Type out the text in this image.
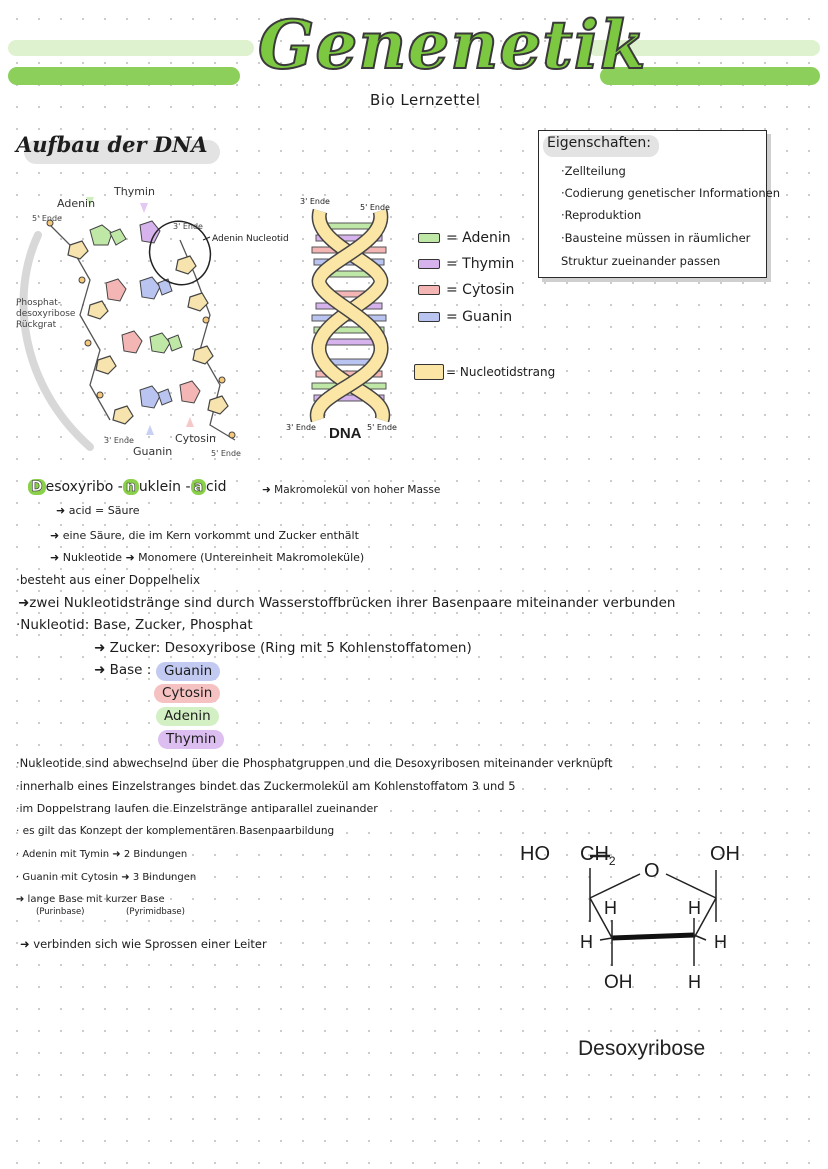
Genenetik
Bio Lernzettel
Aufbau der DNA
Adenin
Thymin
5' Ende
3' Ende
Adenin Nucleotid
Phosphat-
desoxyribose
Rückgrat
3' Ende
Guanin
Cytosin
5' Ende
3' Ende
5' Ende
3' Ende DNA 5' Ende
= Adenin
= Thymin
= Cytosin
= Guanin
= Nucleotidstrang
Eigenschaften:
·Zellteilung
·Codierung genetischer Informationen
·Reproduktion
·Bausteine müssen in räumlicher
Struktur zueinander passen
D esoxyribo - n uklein - a cid	➜ Makromolekül von hoher Masse
➜ acid = Säure
➜ eine Säure, die im Kern vorkommt und Zucker enthält
➜ Nukleotide ➜ Monomere (Untereinheit Makromoleküle)
·besteht aus einer Doppelhelix
➜zwei Nukleotidstränge sind durch Wasserstoffbrücken ihrer Basenpaare miteinander verbunden
·Nukleotid: Base, Zucker, Phosphat
➜ Zucker: Desoxyribose (Ring mit 5 Kohlenstoffatomen)
➜ Base : Guanin
Cytosin
Adenin
Thymin
·Nukleotide sind abwechselnd über die Phosphatgruppen und die Desoxyribosen miteinander verknüpft
·innerhalb eines Einzelstranges bindet das Zuckermolekül am Kohlenstoffatom 3 und 5
·im Doppelstrang laufen die Einzelstränge antiparallel zueinander
· es gilt das Konzept der komplementären Basenpaarbildung
· Adenin mit Tymin ➜ 2 Bindungen
· Guanin mit Cytosin ➜ 3 Bindungen
➜ lange Base mit kurzer Base
(Purinbase)	(Pyrimidbase)
➜ verbinden sich wie Sprossen einer Leiter
HO $CH_2$ O
OH
H	H
H	H
OH	H
Desoxyribose
